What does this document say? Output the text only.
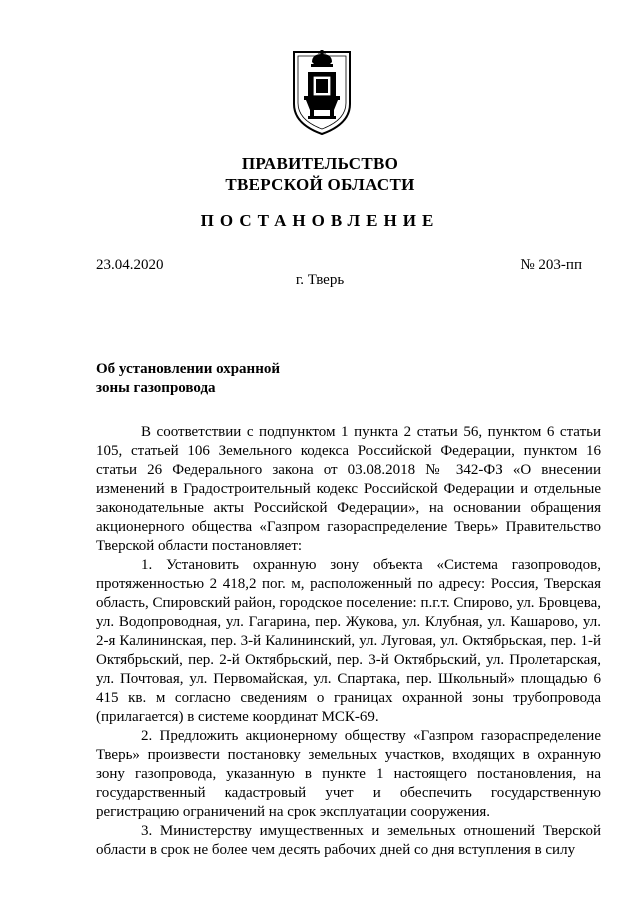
ПРАВИТЕЛЬСТВО
ТВЕРСКОЙ ОБЛАСТИ
ПОСТАНОВЛЕНИЕ
23.04.2020	№ 203-пп
г. Тверь
Об установлении охранной
зоны газопровода

В соответствии с подпунктом 1 пункта 2 статьи 56, пунктом 6 статьи 105, статьей 106 Земельного кодекса Российской Федерации, пунктом 16 статьи 26 Федерального закона от 03.08.2018 № 342-ФЗ «О внесении изменений в Градостроительный кодекс Российской Федерации и отдельные законодательные акты Российской Федерации», на основании обращения акционерного общества «Газпром газораспределение Тверь» Правительство Тверской области постановляет:

1. Установить охранную зону объекта «Система газопроводов, протяженностью 2 418,2 пог. м, расположенный по адресу: Россия, Тверская область, Спировский район, городское поселение: п.г.т. Спирово, ул. Бровцева, ул. Водопроводная, ул. Гагарина, пер. Жукова, ул. Клубная, ул. Кашарово, ул. 2-я Калининская, пер. 3-й Калининский, ул. Луговая, ул. Октябрьская, пер. 1-й Октябрьский, пер. 2-й Октябрьский, пер. 3-й Октябрьский, ул. Пролетарская, ул. Почтовая, ул. Первомайская, ул. Спартака, пер. Школьный» площадью 6 415 кв. м согласно сведениям о границах охранной зоны трубопровода (прилагается) в системе координат МСК-69.

2. Предложить акционерному обществу «Газпром газораспределение Тверь» произвести постановку земельных участков, входящих в охранную зону газопровода, указанную в пункте 1 настоящего постановления, на государственный кадастровый учет и обеспечить государственную регистрацию ограничений на срок эксплуатации сооружения.

3. Министерству имущественных и земельных отношений Тверской области в срок не более чем десять рабочих дней со дня вступления в силу
